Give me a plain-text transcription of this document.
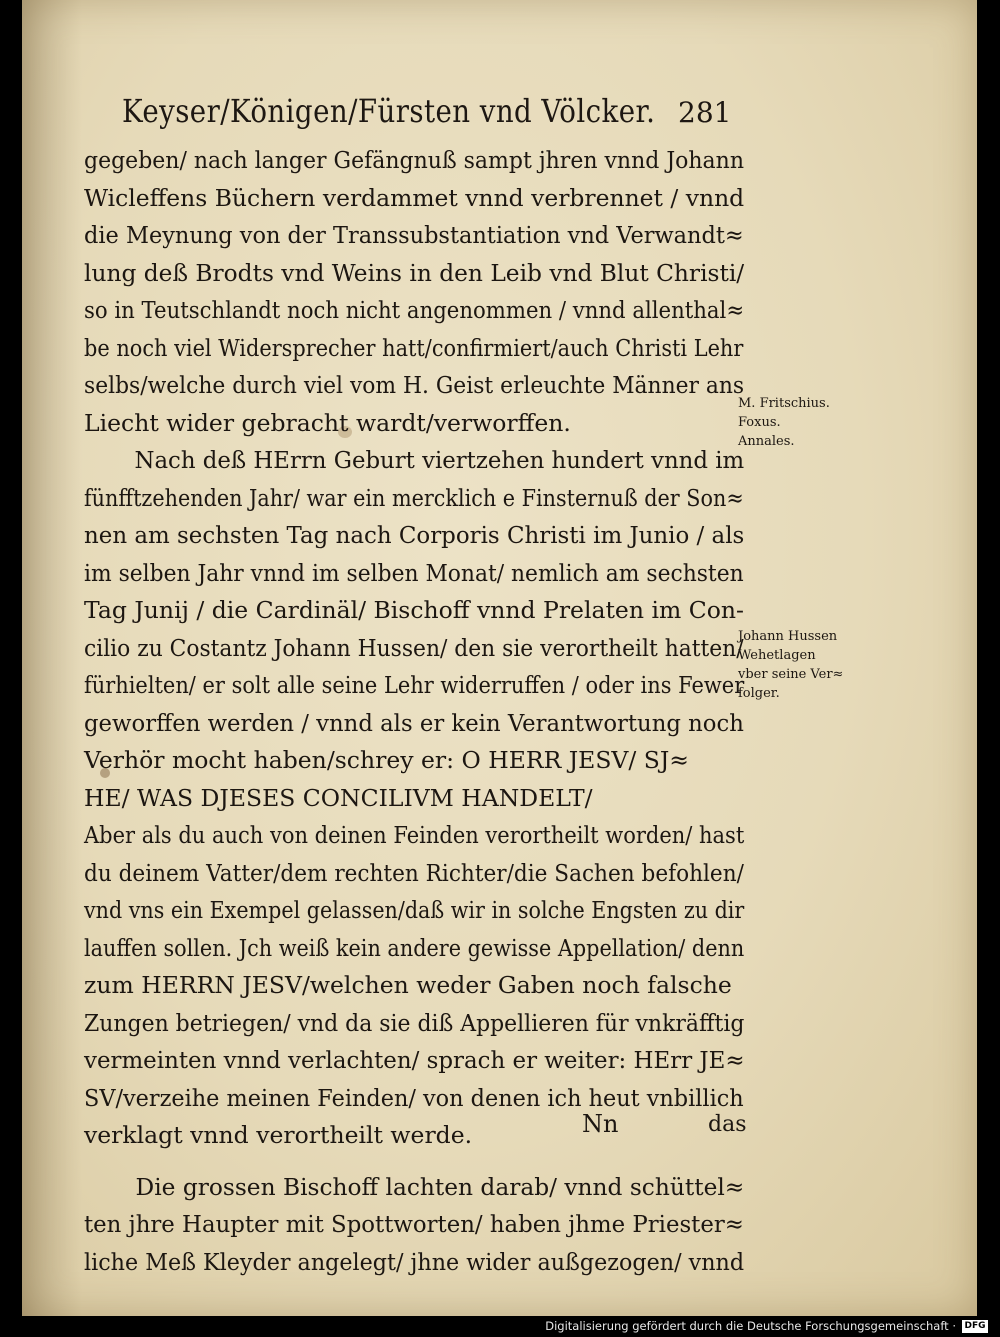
Keyser/Königen/Fürsten vnd Völcker. 281
gegeben/ nach langer Gefängnuß sampt jhren vnnd Johann
Wicleffens Büchern verdammet vnnd verbrennet / vnnd
die Meynung von der Transsubstantiation vnd Verwandt≈
lung deß Brodts vnd Weins in den Leib vnd Blut Christi/
so in Teutschlandt noch nicht angenommen / vnnd allenthal≈
be noch viel Widersprecher hatt/confirmiert/auch Christi Lehr
selbs/welche durch viel vom H. Geist erleuchte Männer ans
Liecht wider gebracht wardt/verworffen.
Nach deß HErrn Geburt viertzehen hundert vnnd im
fünfftzehenden Jahr/ war ein mercklich e Finsternuß der Son≈
nen am sechsten Tag nach Corporis Christi im Junio / als
im selben Jahr vnnd im selben Monat/ nemlich am sechsten
Tag Junij / die Cardinäl/ Bischoff vnnd Prelaten im Con-
cilio zu Costantz Johann Hussen/ den sie verortheilt hatten/
fürhielten/ er solt alle seine Lehr widerruffen / oder ins Fewer
geworffen werden / vnnd als er kein Verantwortung noch
Verhör mocht haben/schrey er: O HERR JESV/ SJ≈
HE/ WAS DJESES CONCILIVM HANDELT/
Aber als du auch von deinen Feinden verortheilt worden/ hast
du deinem Vatter/dem rechten Richter/die Sachen befohlen/
vnd vns ein Exempel gelassen/daß wir in solche Engsten zu dir
lauffen sollen. Jch weiß kein andere gewisse Appellation/ denn
zum HERRN JESV/welchen weder Gaben noch falsche
Zungen betriegen/ vnd da sie diß Appellieren für vnkräfftig
vermeinten vnnd verlachten/ sprach er weiter: HErr JE≈
SV/verzeihe meinen Feinden/ von denen ich heut vnbillich
verklagt vnnd verortheilt werde.
Die grossen Bischoff lachten darab/ vnnd schüttel≈
ten jhre Haupter mit Spottworten/ haben jhme Priester≈
liche Meß Kleyder angelegt/ jhne wider außgezogen/ vnnd
M. Fritschius.
Foxus.
Annales.
Johann Hussen
Wehetlagen
vber seine Ver≈
folger.
Nn	das
Digitalisierung gefördert durch die Deutsche Forschungsgemeinschaft · DFG
